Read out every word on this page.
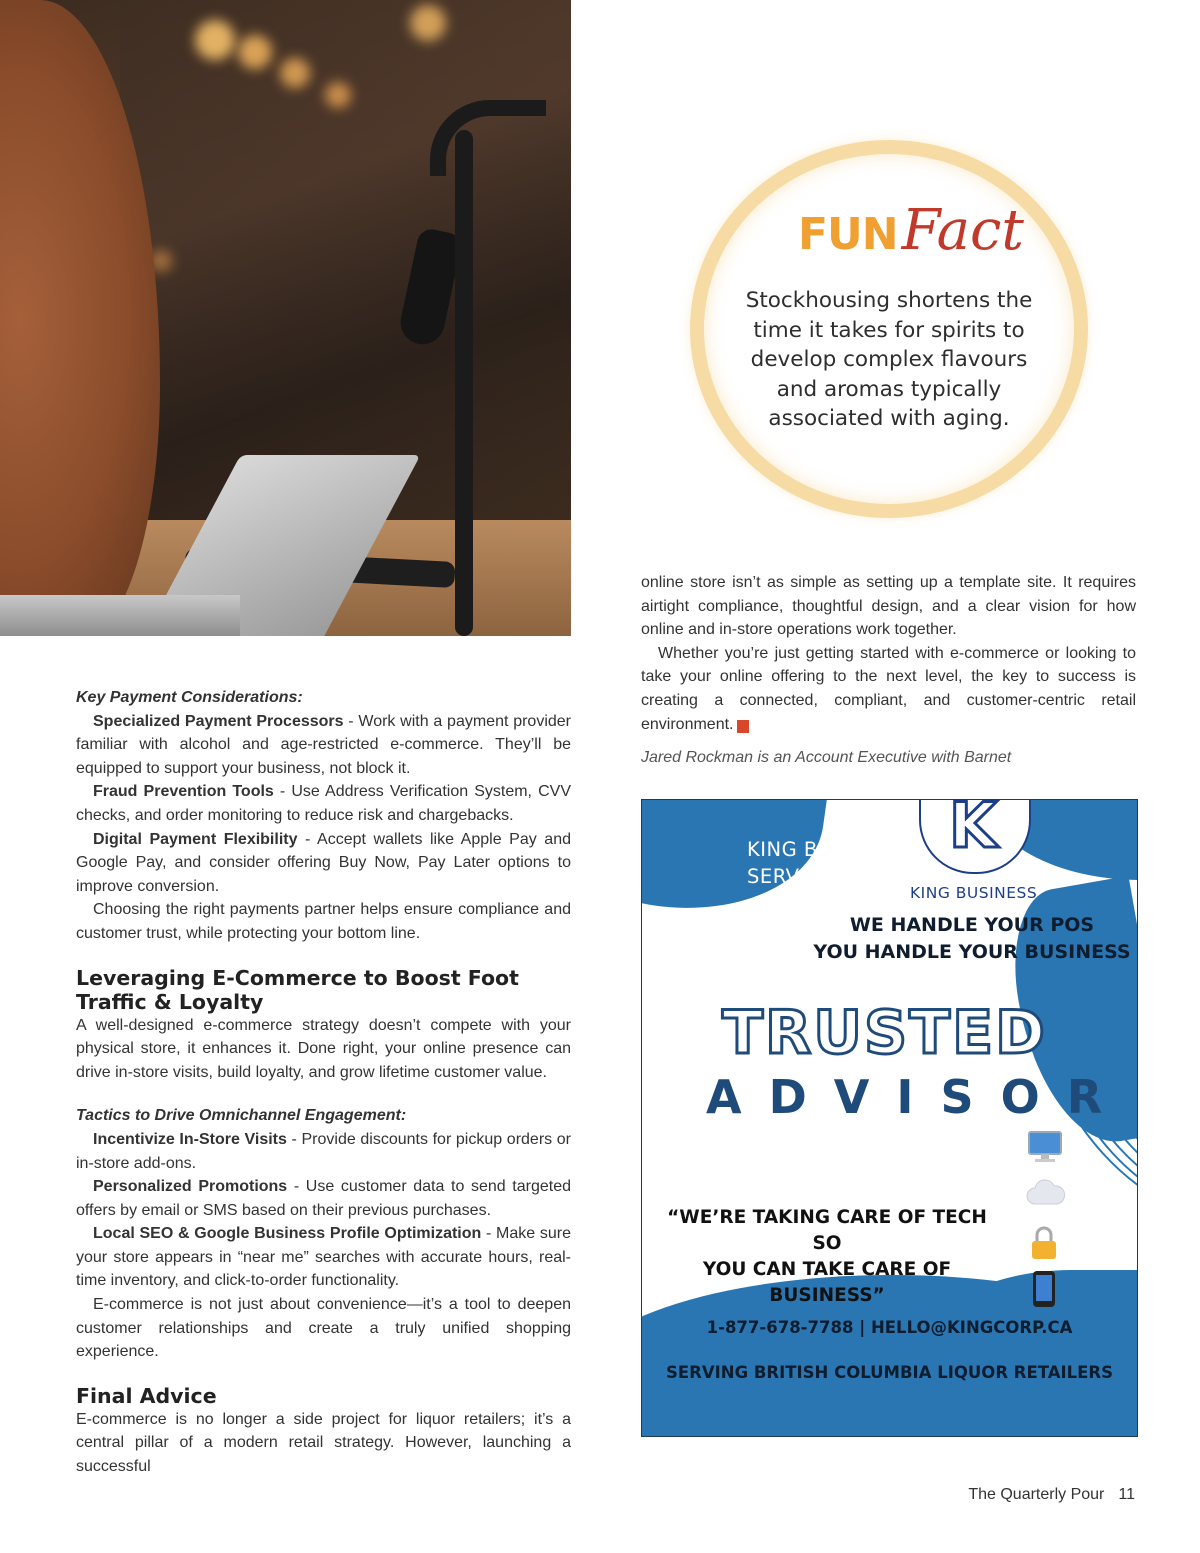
FUNFact
Stockhousing shortens the time it takes for spirits to develop complex flavours and aromas typically associated with aging.

Key Payment Considerations:

Specialized Payment Processors - Work with a payment provider familiar with alcohol and age-restricted e-commerce. They’ll be equipped to support your business, not block it.

Fraud Prevention Tools - Use Address Verification System, CVV checks, and order monitoring to reduce risk and chargebacks.

Digital Payment Flexibility - Accept wallets like Apple Pay and Google Pay, and consider offering Buy Now, Pay Later options to improve conversion.

Choosing the right payments partner helps ensure compliance and customer trust, while protecting your bottom line.

Leveraging E-Commerce to Boost Foot Traffic & Loyalty

A well-designed e-commerce strategy doesn’t compete with your physical store, it enhances it. Done right, your online presence can drive in-store visits, build loyalty, and grow lifetime customer value.

Tactics to Drive Omnichannel Engagement:

Incentivize In-Store Visits - Provide discounts for pickup orders or in-store add-ons.

Personalized Promotions - Use customer data to send targeted offers by email or SMS based on their previous purchases.

Local SEO & Google Business Profile Optimization - Make sure your store appears in “near me” searches with accurate hours, real-time inventory, and click-to-order functionality.

E-commerce is not just about convenience—it’s a tool to deepen customer relationships and create a truly unified shopping experience.

Final Advice

E-commerce is no longer a side project for liquor retailers; it’s a central pillar of a modern retail strategy. However, launching a successful

online store isn’t as simple as setting up a template site. It requires airtight compliance, thoughtful design, and a clear vision for how online and in-store operations work together.

Whether you’re just getting started with e-commerce or looking to take your online offering to the next level, the key to success is creating a connected, compliant, and customer-centric retail environment. P

Jared Rockman is an Account Executive with Barnet

KING BUSINESS
SERVICES CORP.
K
KING BUSINESS
WE HANDLE YOUR POS
YOU HANDLE YOUR BUSINESS
TRUSTED
ADVISOR
“WE’RE TAKING CARE OF TECH SO
YOU CAN TAKE CARE OF BUSINESS”
1-877-678-7788 | HELLO@KINGCORP.CA
SERVING BRITISH COLUMBIA LIQUOR RETAILERS
The Quarterly Pour 11
